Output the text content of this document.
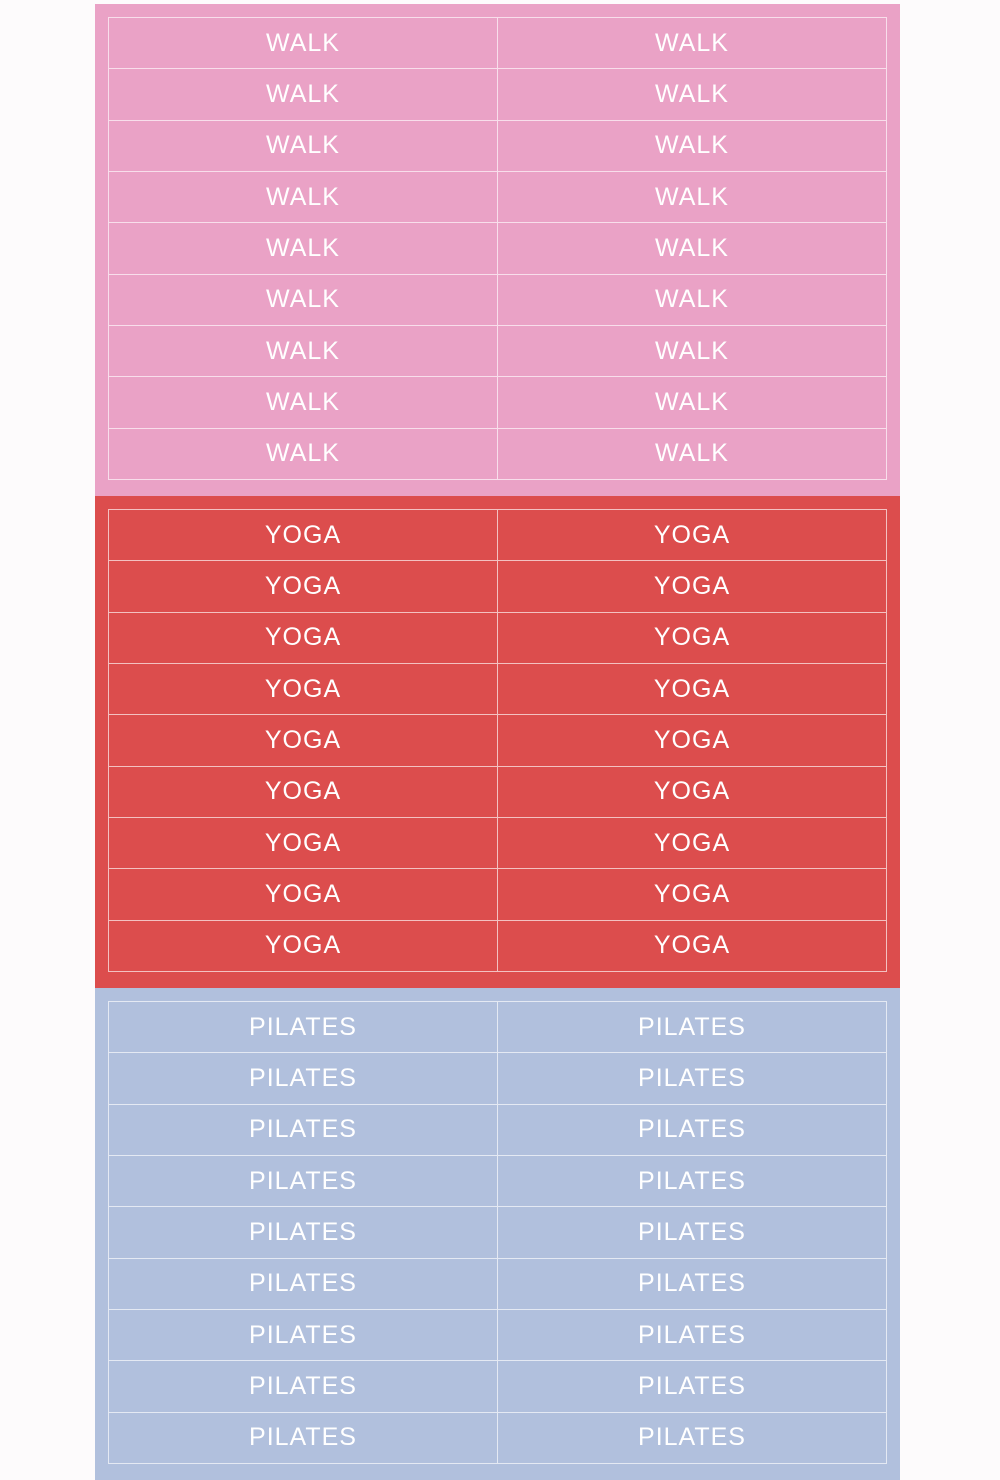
WALK	WALK
WALK	WALK
WALK	WALK
WALK	WALK
WALK	WALK
WALK	WALK
WALK	WALK
WALK	WALK
WALK	WALK
YOGA	YOGA
YOGA	YOGA
YOGA	YOGA
YOGA	YOGA
YOGA	YOGA
YOGA	YOGA
YOGA	YOGA
YOGA	YOGA
YOGA	YOGA
PILATES	PILATES
PILATES	PILATES
PILATES	PILATES
PILATES	PILATES
PILATES	PILATES
PILATES	PILATES
PILATES	PILATES
PILATES	PILATES
PILATES	PILATES
